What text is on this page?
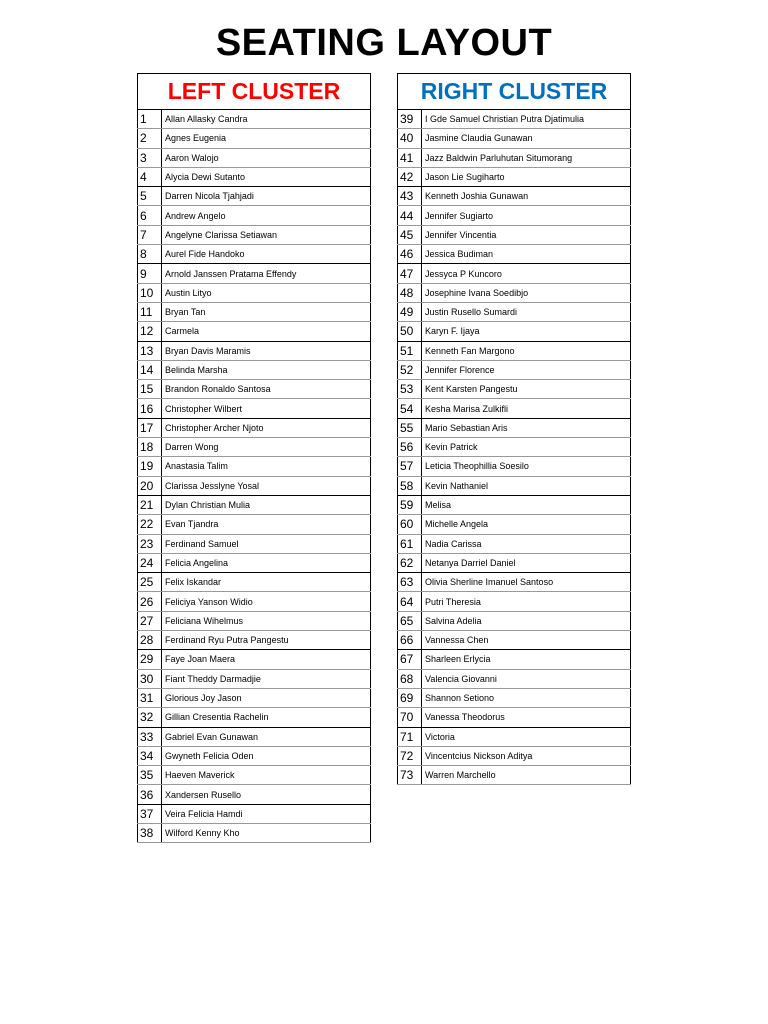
SEATING LAYOUT
LEFT CLUSTER	
1	Allan Allasky Candra
2	Agnes Eugenia
3	Aaron Walojo
4	Alycia Dewi Sutanto
5	Darren Nicola Tjahjadi
6	Andrew Angelo
7	Angelyne Clarissa Setiawan
8	Aurel Fide Handoko
9	Arnold Janssen Pratama Effendy
10	Austin Lityo
11	Bryan Tan
12	Carmela
13	Bryan Davis Maramis
14	Belinda Marsha
15	Brandon Ronaldo Santosa
16	Christopher Wilbert
17	Christopher Archer Njoto
18	Darren Wong
19	Anastasia Talim
20	Clarissa Jesslyne Yosal
21	Dylan Christian Mulia
22	Evan Tjandra
23	Ferdinand Samuel
24	Felicia Angelina
25	Felix Iskandar
26	Feliciya Yanson Widio
27	Feliciana Wihelmus
28	Ferdinand Ryu Putra Pangestu
29	Faye Joan Maera
30	Fiant Theddy Darmadjie
31	Glorious Joy Jason
32	Gillian Cresentia Rachelin
33	Gabriel Evan Gunawan
34	Gwyneth Felicia Oden
35	Haeven Maverick
36	Xandersen Rusello
37	Veira Felicia Hamdi
38	Wilford Kenny Kho
RIGHT CLUSTER	
39	I Gde Samuel Christian Putra Djatimulia
40	Jasmine Claudia Gunawan
41	Jazz Baldwin Parluhutan Situmorang
42	Jason Lie Sugiharto
43	Kenneth Joshia Gunawan
44	Jennifer Sugiarto
45	Jennifer Vincentia
46	Jessica Budiman
47	Jessyca P Kuncoro
48	Josephine Ivana Soedibjo
49	Justin Rusello Sumardi
50	Karyn F. Ijaya
51	Kenneth Fan Margono
52	Jennifer Florence
53	Kent Karsten Pangestu
54	Kesha Marisa Zulkifli
55	Mario Sebastian Aris
56	Kevin Patrick
57	Leticia Theophillia Soesilo
58	Kevin Nathaniel
59	Melisa
60	Michelle Angela
61	Nadia Carissa
62	Netanya Darriel Daniel
63	Olivia Sherline Imanuel Santoso
64	Putri Theresia
65	Salvina Adelia
66	Vannessa Chen
67	Sharleen Erlycia
68	Valencia Giovanni
69	Shannon Setiono
70	Vanessa Theodorus
71	Victoria
72	Vincentcius Nickson Aditya
73	Warren Marchello
